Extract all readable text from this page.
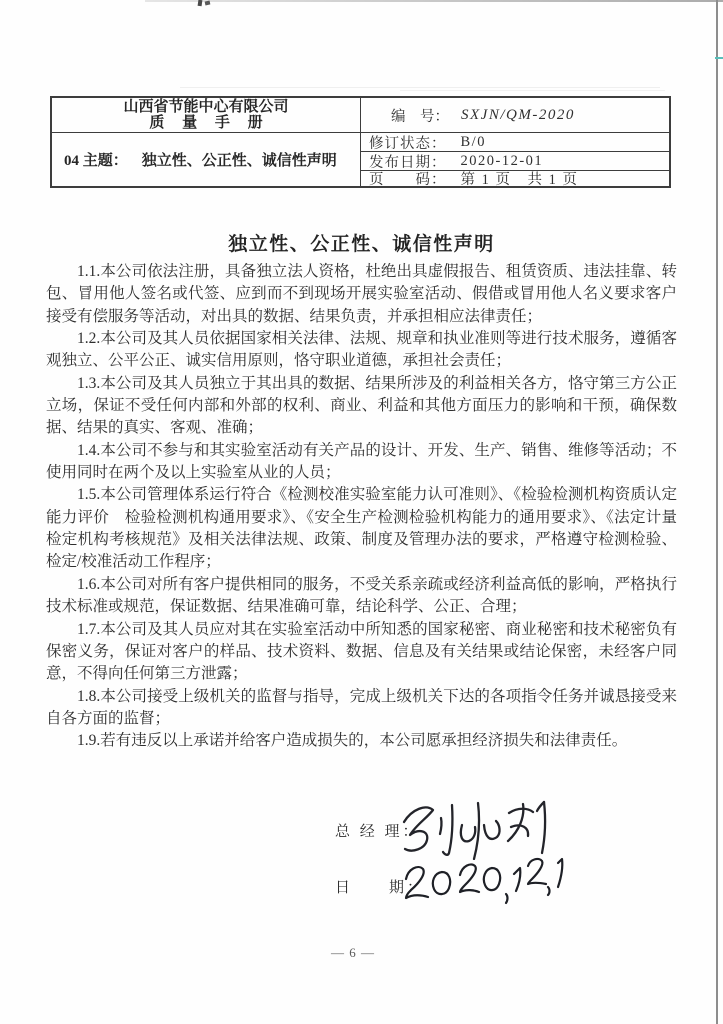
山西省节能中心有限公司
质 量 手 册	编　号： SXJN/QM-2020
04 主题： 独立性、公正性、诚信性声明
修订状态： B/0
发布日期： 2020-12-01
页　　码： 第 1 页　共 1 页
独立性、公正性、诚信性声明

1.1.本公司依法注册，具备独立法人资格，杜绝出具虚假报告、租赁资质、违法挂靠、转包、冒用他人签名或代签、应到而不到现场开展实验室活动、假借或冒用他人名义要求客户接受有偿服务等活动，对出具的数据、结果负责，并承担相应法律责任；

1.2.本公司及其人员依据国家相关法律、法规、规章和执业准则等进行技术服务，遵循客观独立、公平公正、诚实信用原则，恪守职业道德，承担社会责任；

1.3.本公司及其人员独立于其出具的数据、结果所涉及的利益相关各方，恪守第三方公正立场，保证不受任何内部和外部的权利、商业、利益和其他方面压力的影响和干预，确保数据、结果的真实、客观、准确；

1.4.本公司不参与和其实验室活动有关产品的设计、开发、生产、销售、维修等活动；不使用同时在两个及以上实验室从业的人员；

1.5.本公司管理体系运行符合《检测校准实验室能力认可准则》、《检验检测机构资质认定能力评价　检验检测机构通用要求》、《安全生产检测检验机构能力的通用要求》、《法定计量检定机构考核规范》及相关法律法规、政策、制度及管理办法的要求，严格遵守检测检验、检定/校准活动工作程序；

1.6.本公司对所有客户提供相同的服务，不受关系亲疏或经济利益高低的影响，严格执行技术标准或规范，保证数据、结果准确可靠，结论科学、公正、合理；

1.7.本公司及其人员应对其在实验室活动中所知悉的国家秘密、商业秘密和技术秘密负有保密义务，保证对客户的样品、技术资料、数据、信息及有关结果或结论保密，未经客户同意，不得向任何第三方泄露；

1.8.本公司接受上级机关的监督与指导，完成上级机关下达的各项指令任务并诚恳接受来自各方面的监督；

1.9.若有违反以上承诺并给客户造成损失的，本公司愿承担经济损失和法律责任。

总 经 理：
日　　期：
— 6 —
